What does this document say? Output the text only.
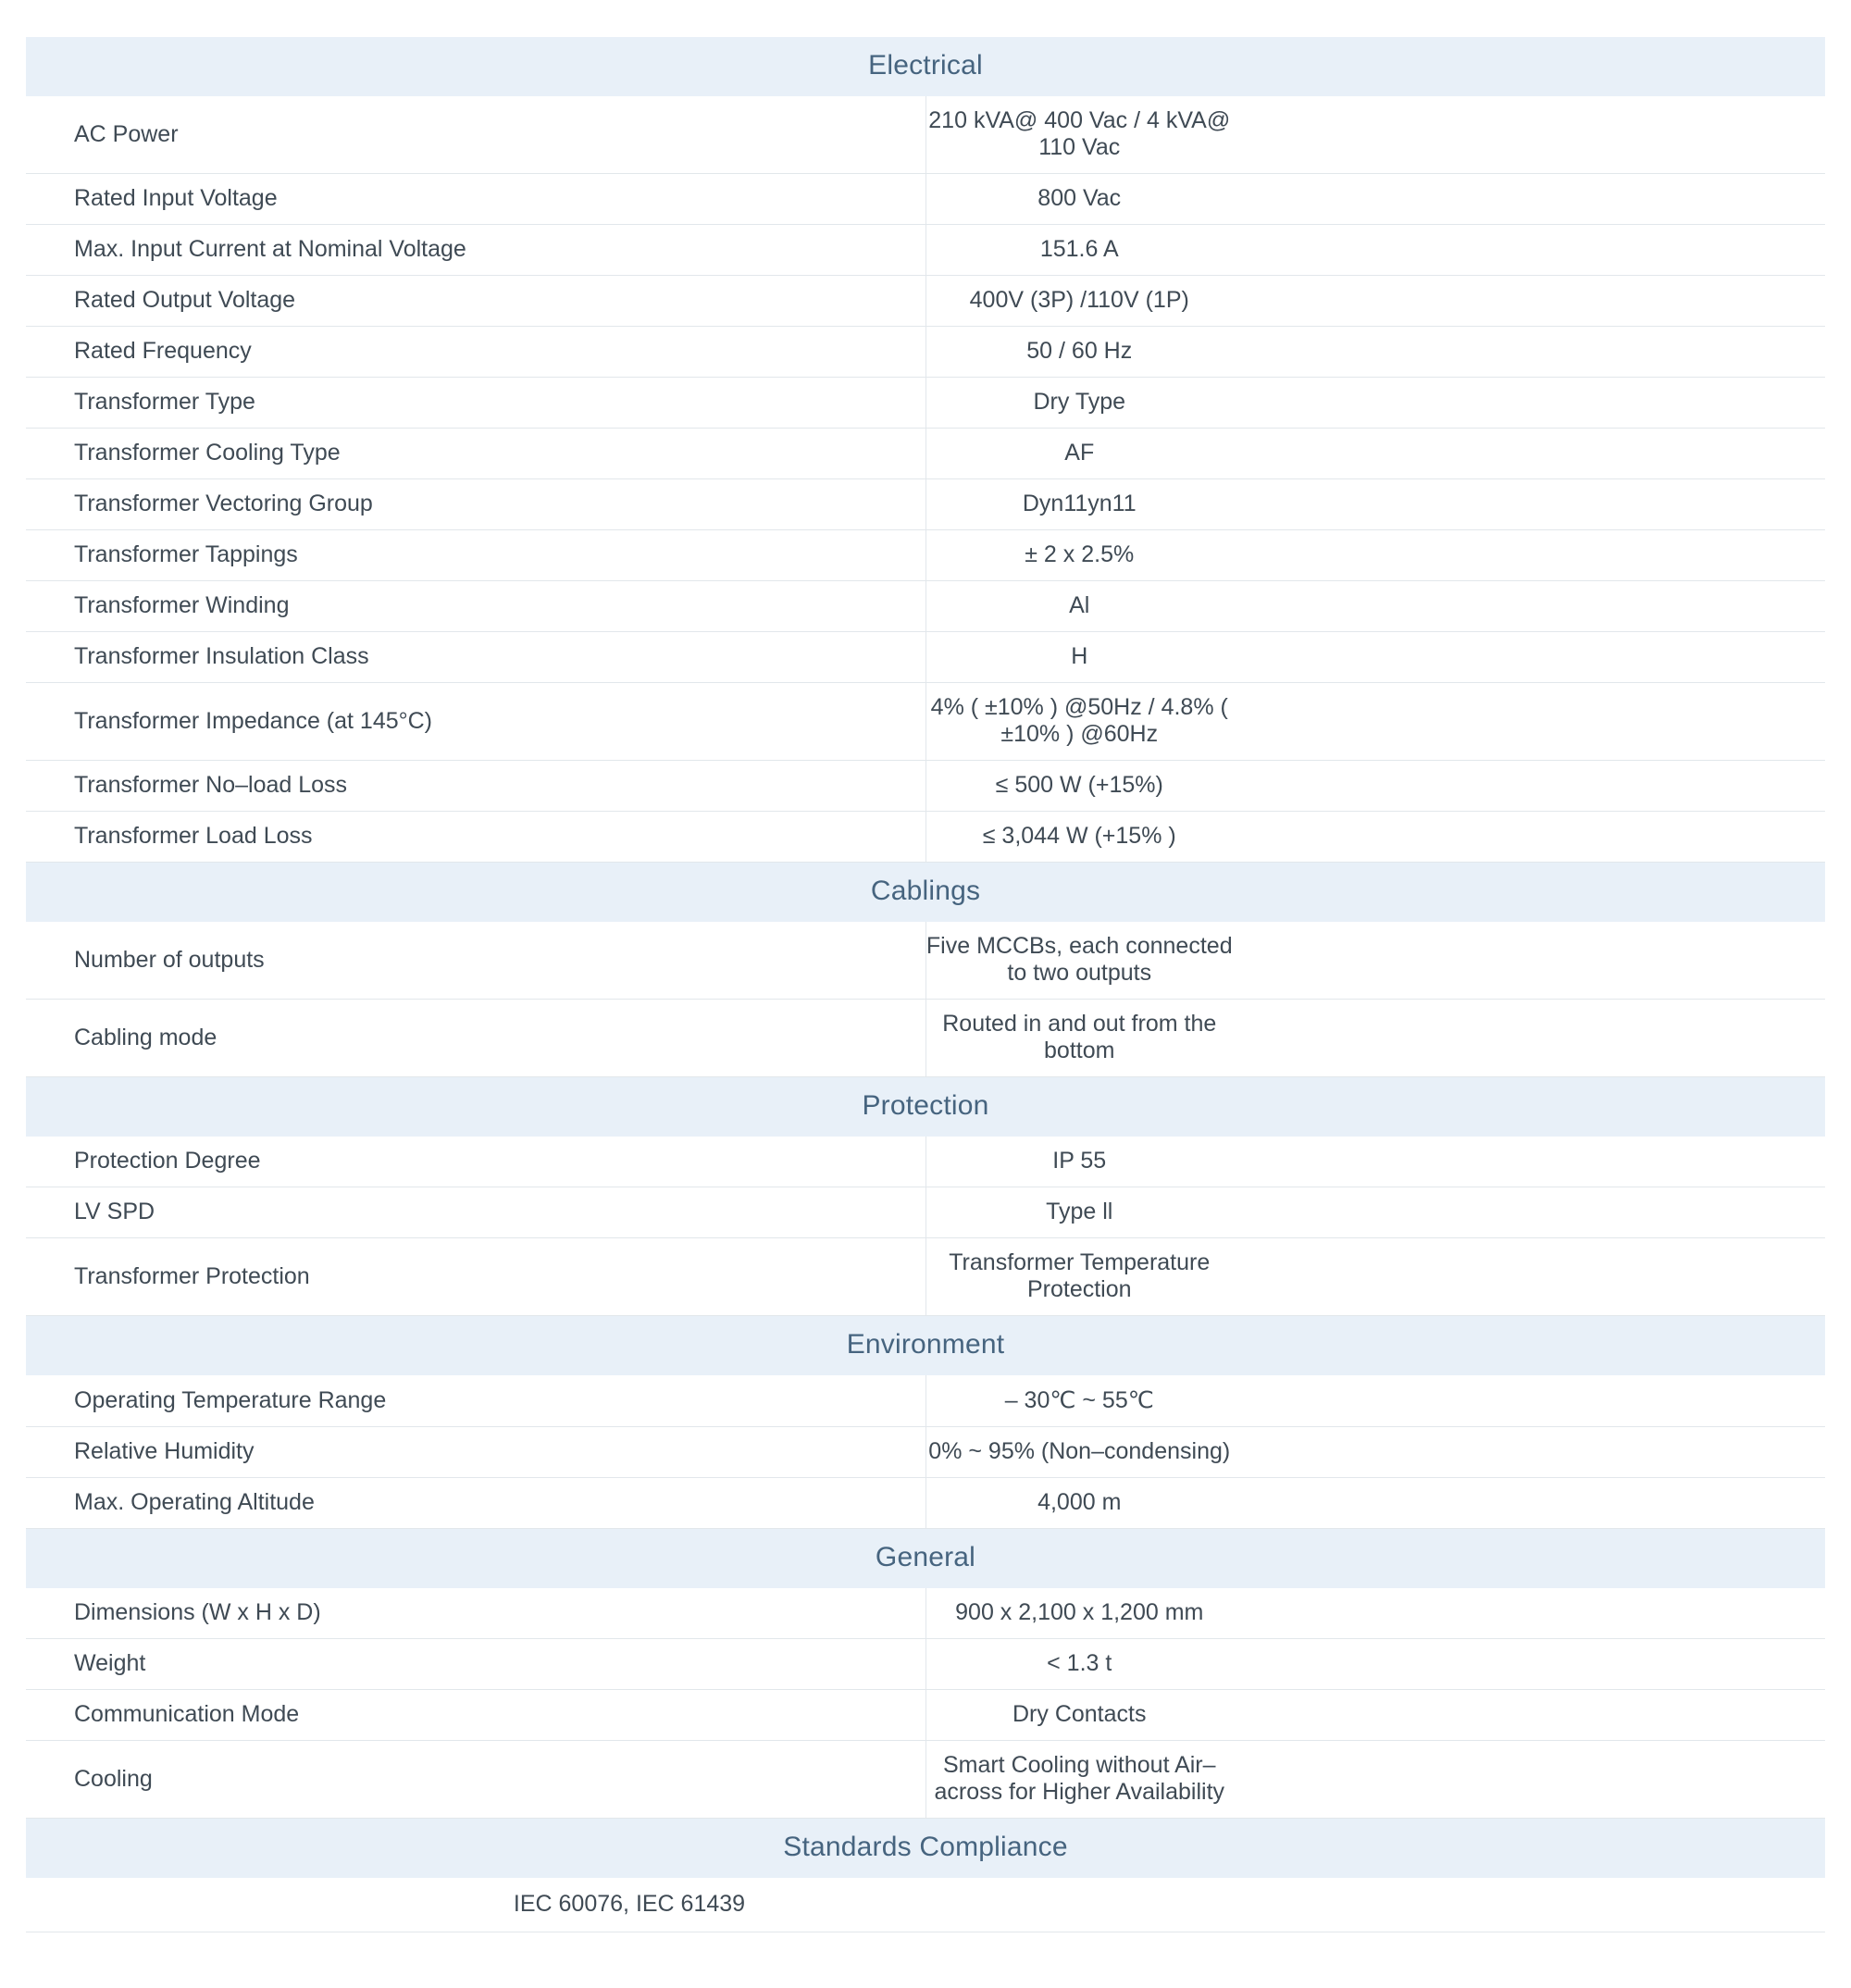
Electrical	
AC Power	210 kVA@ 400 Vac / 4 kVA@ 110 Vac
Rated Input Voltage	800 Vac
Max. Input Current at Nominal Voltage	151.6 A
Rated Output Voltage	400V (3P) /110V (1P)
Rated Frequency	50 / 60 Hz
Transformer Type	Dry Type
Transformer Cooling Type	AF
Transformer Vectoring Group	Dyn11yn11
Transformer Tappings	± 2 x 2.5%
Transformer Winding	Al
Transformer Insulation Class	H
Transformer Impedance (at 145°C)	4% ( ±10% ) @50Hz / 4.8% ( ±10% ) @60Hz
Transformer No–load Loss	≤ 500 W (+15%)
Transformer Load Loss	≤ 3,044 W (+15% )
Cablings	
Number of outputs	Five MCCBs, each connected to two outputs
Cabling mode	Routed in and out from the bottom
Protection	
Protection Degree	IP 55
LV SPD	Type ll
Transformer Protection	Transformer Temperature Protection
Environment	
Operating Temperature Range	– 30℃ ~ 55℃
Relative Humidity	0% ~ 95% (Non–condensing)
Max. Operating Altitude	4,000 m
General	
Dimensions (W x H x D)	900 x 2,100 x 1,200 mm
Weight	< 1.3 t
Communication Mode	Dry Contacts
Cooling	Smart Cooling without Air–across for Higher Availability
Standards Compliance	
IEC 60076, IEC 61439	
